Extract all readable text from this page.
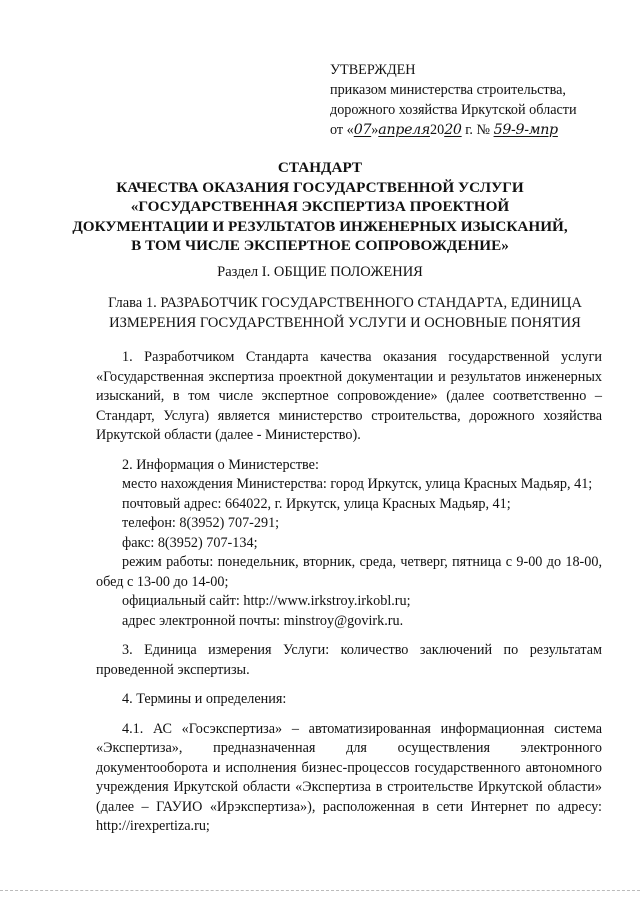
УТВЕРЖДЕН
приказом министерства строительства,
дорожного хозяйства Иркутской области
от «07»апреля2020 г. № 59-9-мпр
СТАНДАРТ
КАЧЕСТВА ОКАЗАНИЯ ГОСУДАРСТВЕННОЙ УСЛУГИ
«ГОСУДАРСТВЕННАЯ ЭКСПЕРТИЗА ПРОЕКТНОЙ
ДОКУМЕНТАЦИИ И РЕЗУЛЬТАТОВ ИНЖЕНЕРНЫХ ИЗЫСКАНИЙ,
В ТОМ ЧИСЛЕ ЭКСПЕРТНОЕ СОПРОВОЖДЕНИЕ»
Раздел I. ОБЩИЕ ПОЛОЖЕНИЯ
Глава 1. РАЗРАБОТЧИК ГОСУДАРСТВЕННОГО СТАНДАРТА, ЕДИНИЦА
ИЗМЕРЕНИЯ ГОСУДАРСТВЕННОЙ УСЛУГИ И ОСНОВНЫЕ ПОНЯТИЯ

1. Разработчиком Стандарта качества оказания государственной услуги «Государственная экспертиза проектной документации и результатов инженерных изысканий, в том числе экспертное сопровождение» (далее соответственно – Стандарт, Услуга) является министерство строительства, дорожного хозяйства Иркутской области (далее - Министерство).

2. Информация о Министерстве:
место нахождения Министерства: город Иркутск, улица Красных Мадьяр, 41;
почтовый адрес: 664022, г. Иркутск, улица Красных Мадьяр, 41;
телефон: 8(3952) 707-291;
факс: 8(3952) 707-134;
режим работы: понедельник, вторник, среда, четверг, пятница с 9-00 до 18-00, обед с 13-00 до 14-00;
официальный сайт: http://www.irkstroy.irkobl.ru;
адрес электронной почты: minstroy@govirk.ru.

3. Единица измерения Услуги: количество заключений по результатам проведенной экспертизы.

4. Термины и определения:

4.1. АС «Госэкспертиза» – автоматизированная информационная система «Экспертиза», предназначенная для осуществления электронного документооборота и исполнения бизнес-процессов государственного автономного учреждения Иркутской области «Экспертиза в строительстве Иркутской области» (далее – ГАУИО «Ирэкспертиза»), расположенная в сети Интернет по адресу: http://irexpertiza.ru;
